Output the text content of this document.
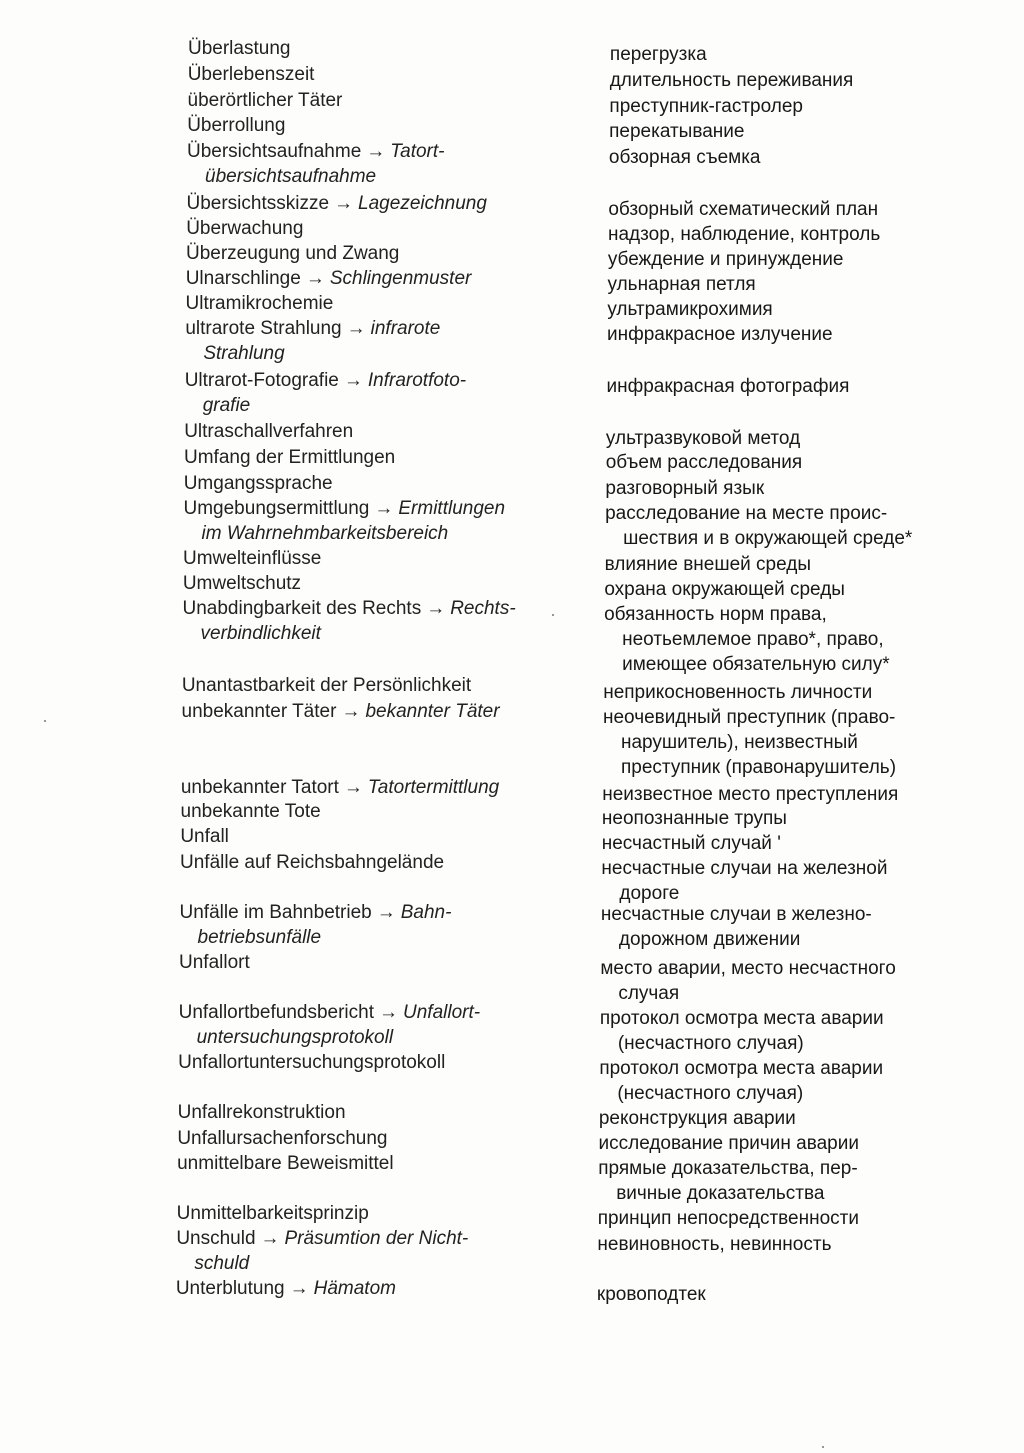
Überlastung
Überlebenszeit
überörtlicher Täter
Überrollung
Übersichtsaufnahme → Tatort-
übersichtsaufnahme
Übersichtsskizze → Lagezeichnung
Überwachung
Überzeugung und Zwang
Ulnarschlinge → Schlingenmuster
Ultramikrochemie
ultrarote Strahlung → infrarote
Strahlung
Ultrarot-Fotografie → Infrarotfoto-
grafie
Ultraschallverfahren
Umfang der Ermittlungen
Umgangssprache
Umgebungsermittlung → Ermittlungen
im Wahrnehmbarkeitsbereich
Umwelteinflüsse
Umweltschutz
Unabdingbarkeit des Rechts → Rechts-
verbindlichkeit
Unantastbarkeit der Persönlichkeit
unbekannter Täter → bekannter Täter
unbekannter Tatort → Tatortermittlung
unbekannte Tote
Unfall
Unfälle auf Reichsbahngelände
Unfälle im Bahnbetrieb → Bahn-
betriebsunfälle
Unfallort
Unfallortbefundsbericht → Unfallort-
untersuchungsprotokoll
Unfallortuntersuchungsprotokoll
Unfallrekonstruktion
Unfallursachenforschung
unmittelbare Beweismittel
Unmittelbarkeitsprinzip
Unschuld → Präsumtion der Nicht-
schuld
Unterblutung → Hämatom
перегрузка
длительность переживания
преступник-гастролер
перекатывание
обзорная съемка
обзорный схематический план
надзор, наблюдение, контроль
убеждение и принуждение
ульнарная петля
ультрамикрохимия
инфракрасное излучение
инфракрасная фотография
ультразвуковой метод
объем расследования
разговорный язык
расследование на месте проис-
шествия и в окружающей среде*
влияние внешей среды
охрана окружающей среды
обязанность норм права,
неотьемлемое право*, право,
имеющее обязательную силу*
неприкосновенность личности
неочевидный преступник (право-
нарушитель), неизвестный
преступник (правонарушитель)
неизвестное место преступления
неопознанные трупы
несчастный случай '
несчастные случаи на железной
дороге
несчастные случаи в железно-
дорожном движении
место аварии, место несчастного
случая
протокол осмотра места аварии
(несчастного случая)
протокол осмотра места аварии
(несчастного случая)
реконструкция аварии
исследование причин аварии
прямые доказательства, пер-
вичные доказательства
принцип непосредственности
невиновность, невинность
кровоподтек
